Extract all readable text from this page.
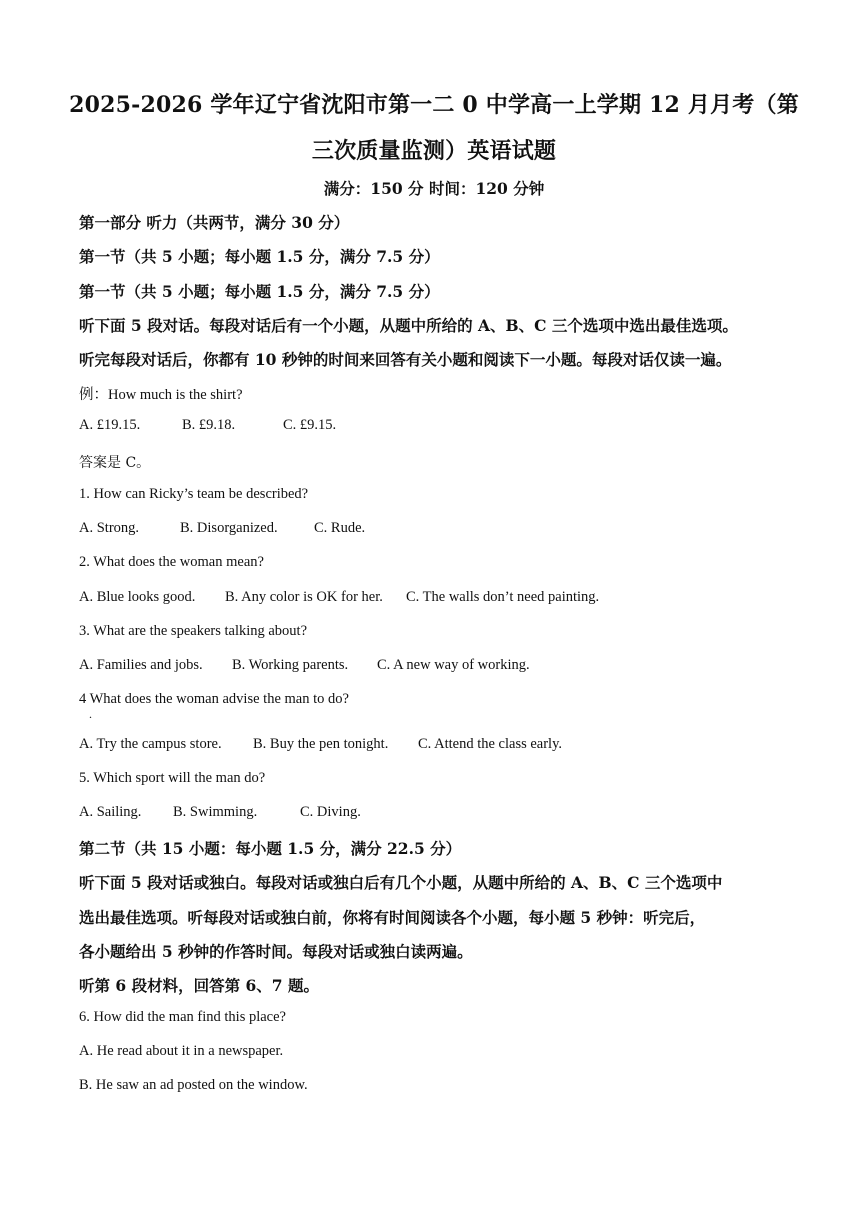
2025-2026 学年辽宁省沈阳市第一二 0 中学高一上学期 12 月月考（第
三次质量监测）英语试题
满分：150 分 时间：120 分钟
第一部分 听力（共两节，满分 30 分）
第一节（共 5 小题；每小题 1.5 分，满分 7.5 分）
第一节（共 5 小题；每小题 1.5 分，满分 7.5 分）
听下面 5 段对话。每段对话后有一个小题，从题中所给的 A、B、C 三个选项中选出最佳选项。
听完每段对话后，你都有 10 秒钟的时间来回答有关小题和阅读下一小题。每段对话仅读一遍。
例：How much is the shirt?
A. £19.15.	B. £9.18.	C. £9.15.
答案是 C。
1. How can Ricky’s team be described?
A. Strong.	B. Disorganized.	C. Rude.
2. What does the woman mean?
A. Blue looks good. B. Any color is OK for her. C. The walls don’t need painting.
3. What are the speakers talking about?
A. Families and jobs. B. Working parents. C. A new way of working.
4 What does the woman advise the man to do?
.
A. Try the campus store. B. Buy the pen tonight. C. Attend the class early.
5. Which sport will the man do?
A. Sailing. B. Swimming.	C. Diving.
第二节（共 15 小题：每小题 1.5 分，满分 22.5 分）
听下面 5 段对话或独白。每段对话或独白后有几个小题，从题中所给的 A、B、C 三个选项中
选出最佳选项。听每段对话或独白前，你将有时间阅读各个小题，每小题 5 秒钟：听完后，
各小题给出 5 秒钟的作答时间。每段对话或独白读两遍。
听第 6 段材料，回答第 6、7 题。
6. How did the man find this place?
A. He read about it in a newspaper.
B. He saw an ad posted on the window.
